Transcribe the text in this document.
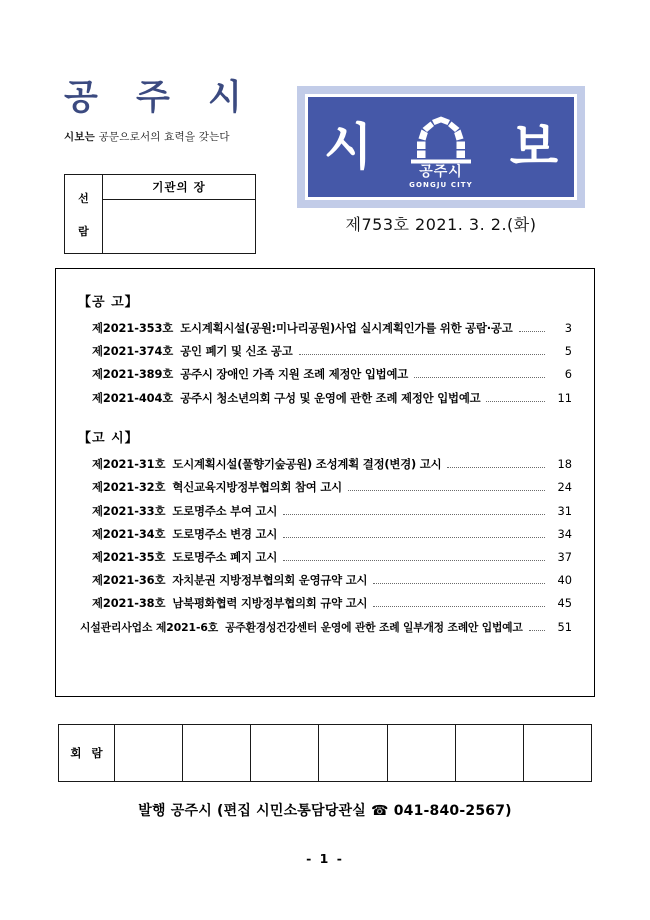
공 주 시
시보는 공문으로서의 효력을 갖는다
선
람
기관의 장
시	공주시
GONGJU CITY
보
제753호 2021. 3. 2.(화)
【공 고】
제2021-353호 도시계획시설(공원:미나리공원)사업 실시계획인가를 위한 공람·공고	3
제2021-374호 공인 폐기 및 신조 공고	5
제2021-389호 공주시 장애인 가족 지원 조례 제정안 입법예고	6
제2021-404호 공주시 청소년의회 구성 및 운영에 관한 조례 제정안 입법예고	11
【고 시】
제2021-31호 도시계획시설(풀향기숲공원) 조성계획 결정(변경) 고시	18
제2021-32호 혁신교육지방정부협의회 참여 고시	24
제2021-33호 도로명주소 부여 고시	31
제2021-34호 도로명주소 변경 고시	34
제2021-35호 도로명주소 폐지 고시	37
제2021-36호 자치분권 지방정부협의회 운영규약 고시	40
제2021-38호 남북평화협력 지방정부협의회 규약 고시	45
시설관리사업소 제2021-6호 공주환경성건강센터 운영에 관한 조례 일부개정 조례안 입법예고	51
회 람
발행 공주시 (편집 시민소통담당관실 ☎ 041-840-2567)
- 1 -
